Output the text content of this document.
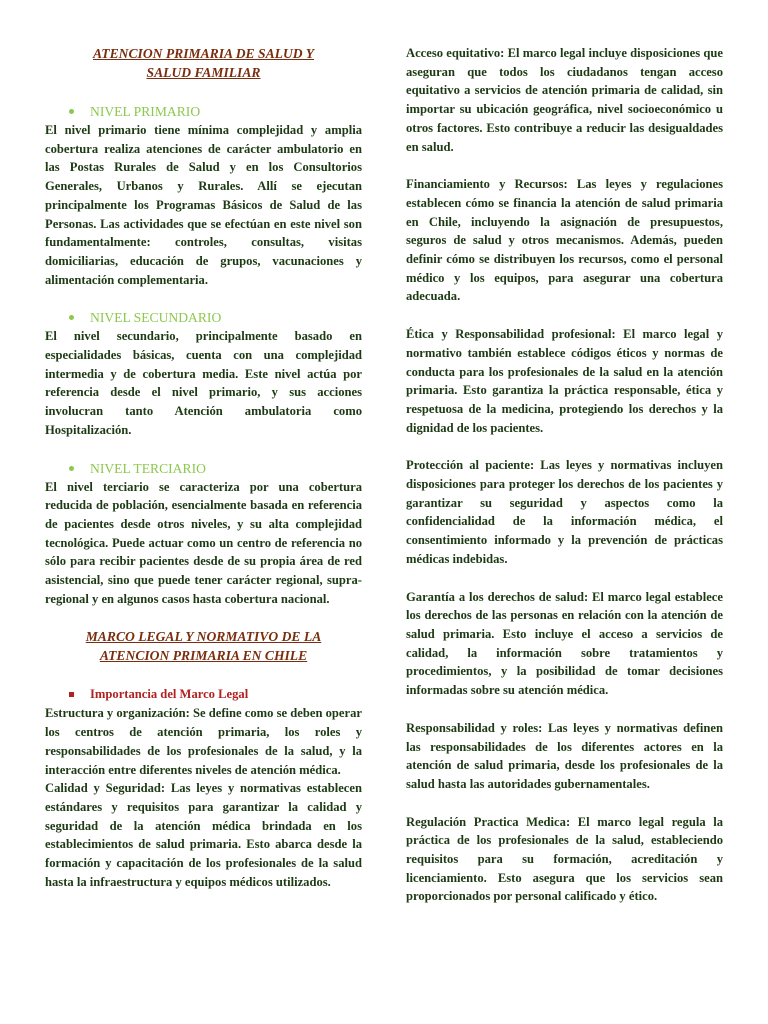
ATENCION PRIMARIA DE SALUD Y
SALUD FAMILIAR
NIVEL PRIMARIO

El nivel primario tiene mínima complejidad y amplia cobertura realiza atenciones de carácter ambulatorio en las Postas Rurales de Salud y en los Consultorios Generales, Urbanos y Rurales. Allí se ejecutan principalmente los Programas Básicos de Salud de las Personas. Las actividades que se efectúan en este nivel son fundamentalmente: controles, consultas, visitas domiciliarias, educación de grupos, vacunaciones y alimentación complementaria.

NIVEL SECUNDARIO

El nivel secundario, principalmente basado en especialidades básicas, cuenta con una complejidad intermedia y de cobertura media. Este nivel actúa por referencia desde el nivel primario, y sus acciones involucran tanto Atención ambulatoria como Hospitalización.

NIVEL TERCIARIO

El nivel terciario se caracteriza por una cobertura reducida de población, esencialmente basada en referencia de pacientes desde otros niveles, y su alta complejidad tecnológica. Puede actuar como un centro de referencia no sólo para recibir pacientes desde de su propia área de red asistencial, sino que puede tener carácter regional, supra-regional y en algunos casos hasta cobertura nacional.

MARCO LEGAL Y NORMATIVO DE LA
ATENCION PRIMARIA EN CHILE
Importancia del Marco Legal

Estructura y organización: Se define como se deben operar los centros de atención primaria, los roles y responsabilidades de los profesionales de la salud, y la interacción entre diferentes niveles de atención médica.

Calidad y Seguridad: Las leyes y normativas establecen estándares y requisitos para garantizar la calidad y seguridad de la atención médica brindada en los establecimientos de salud primaria. Esto abarca desde la formación y capacitación de los profesionales de la salud hasta la infraestructura y equipos médicos utilizados.

Acceso equitativo: El marco legal incluye disposiciones que aseguran que todos los ciudadanos tengan acceso equitativo a servicios de atención primaria de calidad, sin importar su ubicación geográfica, nivel socioeconómico u otros factores. Esto contribuye a reducir las desigualdades en salud.

Financiamiento y Recursos: Las leyes y regulaciones establecen cómo se financia la atención de salud primaria en Chile, incluyendo la asignación de presupuestos, seguros de salud y otros mecanismos. Además, pueden definir cómo se distribuyen los recursos, como el personal médico y los equipos, para asegurar una cobertura adecuada.

Ética y Responsabilidad profesional: El marco legal y normativo también establece códigos éticos y normas de conducta para los profesionales de la salud en la atención primaria. Esto garantiza la práctica responsable, ética y respetuosa de la medicina, protegiendo los derechos y la dignidad de los pacientes.

Protección al paciente: Las leyes y normativas incluyen disposiciones para proteger los derechos de los pacientes y garantizar su seguridad y aspectos como la confidencialidad de la información médica, el consentimiento informado y la prevención de prácticas médicas indebidas.

Garantía a los derechos de salud: El marco legal establece los derechos de las personas en relación con la atención de salud primaria. Esto incluye el acceso a servicios de calidad, la información sobre tratamientos y procedimientos, y la posibilidad de tomar decisiones informadas sobre su atención médica.

Responsabilidad y roles: Las leyes y normativas definen las responsabilidades de los diferentes actores en la atención de salud primaria, desde los profesionales de la salud hasta las autoridades gubernamentales.

Regulación Practica Medica: El marco legal regula la práctica de los profesionales de la salud, estableciendo requisitos para su formación, acreditación y licenciamiento. Esto asegura que los servicios sean proporcionados por personal calificado y ético.
